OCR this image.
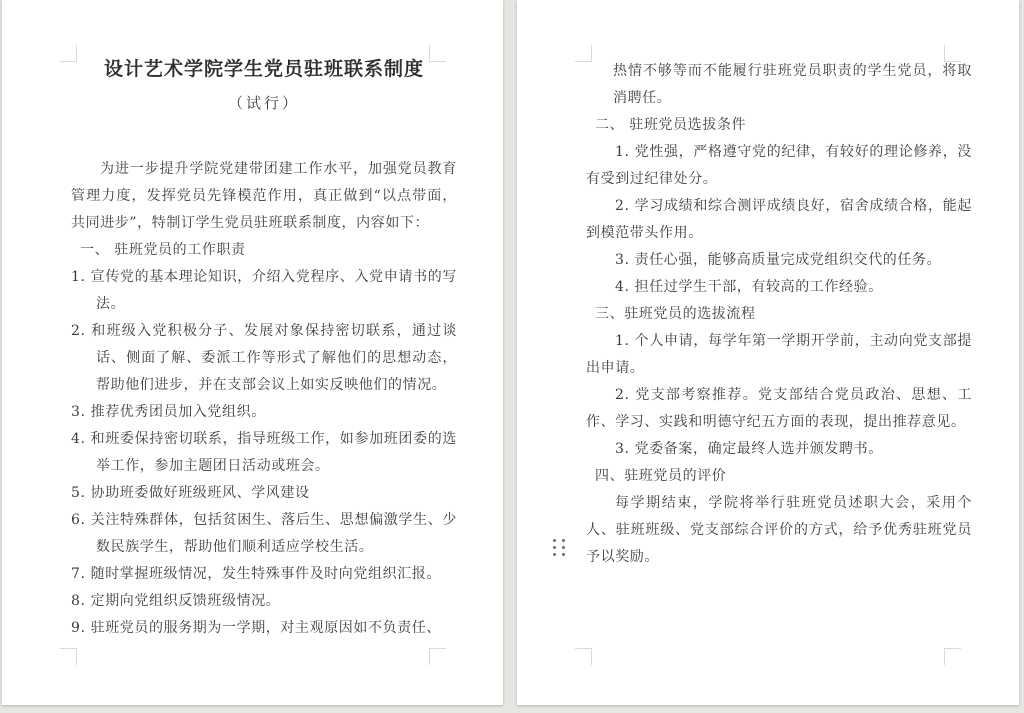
设计艺术学院学生党员驻班联系制度
（试行）

为进一步提升学院党建带团建工作水平，加强党员教育管理力度，发挥党员先锋模范作用，真正做到“以点带面，共同进步”，特制订学生党员驻班联系制度，内容如下：

一、 驻班党员的工作职责

1. 宣传党的基本理论知识，介绍入党程序、入党申请书的写法。

2. 和班级入党积极分子、发展对象保持密切联系，通过谈话、侧面了解、委派工作等形式了解他们的思想动态，帮助他们进步，并在支部会议上如实反映他们的情况。

3. 推荐优秀团员加入党组织。

4. 和班委保持密切联系，指导班级工作，如参加班团委的选举工作，参加主题团日活动或班会。

5. 协助班委做好班级班风、学风建设

6. 关注特殊群体，包括贫困生、落后生、思想偏激学生、少数民族学生，帮助他们顺利适应学校生活。

7. 随时掌握班级情况，发生特殊事件及时向党组织汇报。

8. 定期向党组织反馈班级情况。

9. 驻班党员的服务期为一学期，对主观原因如不负责任、

热情不够等而不能履行驻班党员职责的学生党员，将取消聘任。

二、 驻班党员选拔条件

1. 党性强，严格遵守党的纪律，有较好的理论修养，没有受到过纪律处分。

2. 学习成绩和综合测评成绩良好，宿舍成绩合格，能起到模范带头作用。

3. 责任心强，能够高质量完成党组织交代的任务。

4. 担任过学生干部，有较高的工作经验。

三、驻班党员的选拔流程

1. 个人申请，每学年第一学期开学前，主动向党支部提出申请。

2. 党支部考察推荐。党支部结合党员政治、思想、工作、学习、实践和明德守纪五方面的表现，提出推荐意见。

3. 党委备案，确定最终人选并颁发聘书。

四、驻班党员的评价

每学期结束，学院将举行驻班党员述职大会，采用个人、驻班班级、党支部综合评价的方式，给予优秀驻班党员予以奖励。
